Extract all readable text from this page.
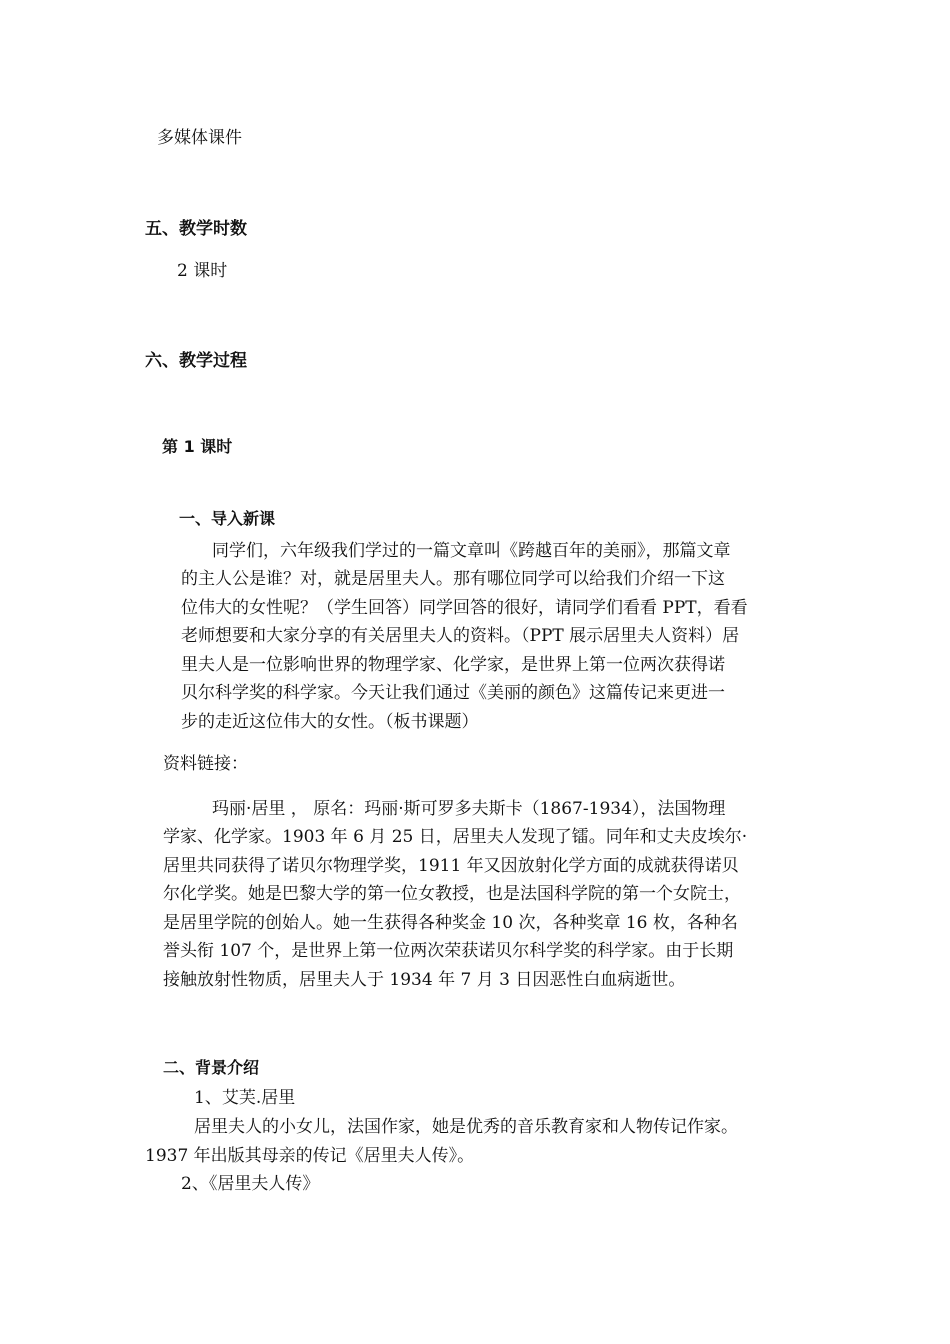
多媒体课件
五、教学时数
2 课时
六、教学过程
第 1 课时
一、导入新课
同学们，六年级我们学过的一篇文章叫《跨越百年的美丽》，那篇文章
的主人公是谁？对，就是居里夫人。那有哪位同学可以给我们介绍一下这
位伟大的女性呢？（学生回答）同学回答的很好，请同学们看看 PPT，看看
老师想要和大家分享的有关居里夫人的资料。（PPT 展示居里夫人资料）居
里夫人是一位影响世界的物理学家、化学家，是世界上第一位两次获得诺
贝尔科学奖的科学家。今天让我们通过《美丽的颜色》这篇传记来更进一
步的走近这位伟大的女性。（板书课题）
资料链接：
玛丽·居里 ， 原名：玛丽·斯可罗多夫斯卡（1867-1934），法国物理
学家、化学家。1903 年 6 月 25 日，居里夫人发现了镭。同年和丈夫皮埃尔·
居里共同获得了诺贝尔物理学奖，1911 年又因放射化学方面的成就获得诺贝
尔化学奖。她是巴黎大学的第一位女教授，也是法国科学院的第一个女院士，
是居里学院的创始人。她一生获得各种奖金 10 次，各种奖章 16 枚，各种名
誉头衔 107 个，是世界上第一位两次荣获诺贝尔科学奖的科学家。由于长期
接触放射性物质，居里夫人于 1934 年 7 月 3 日因恶性白血病逝世。
二、背景介绍
1、艾芙.居里
居里夫人的小女儿，法国作家，她是优秀的音乐教育家和人物传记作家。
1937 年出版其母亲的传记《居里夫人传》。
2、《居里夫人传》
